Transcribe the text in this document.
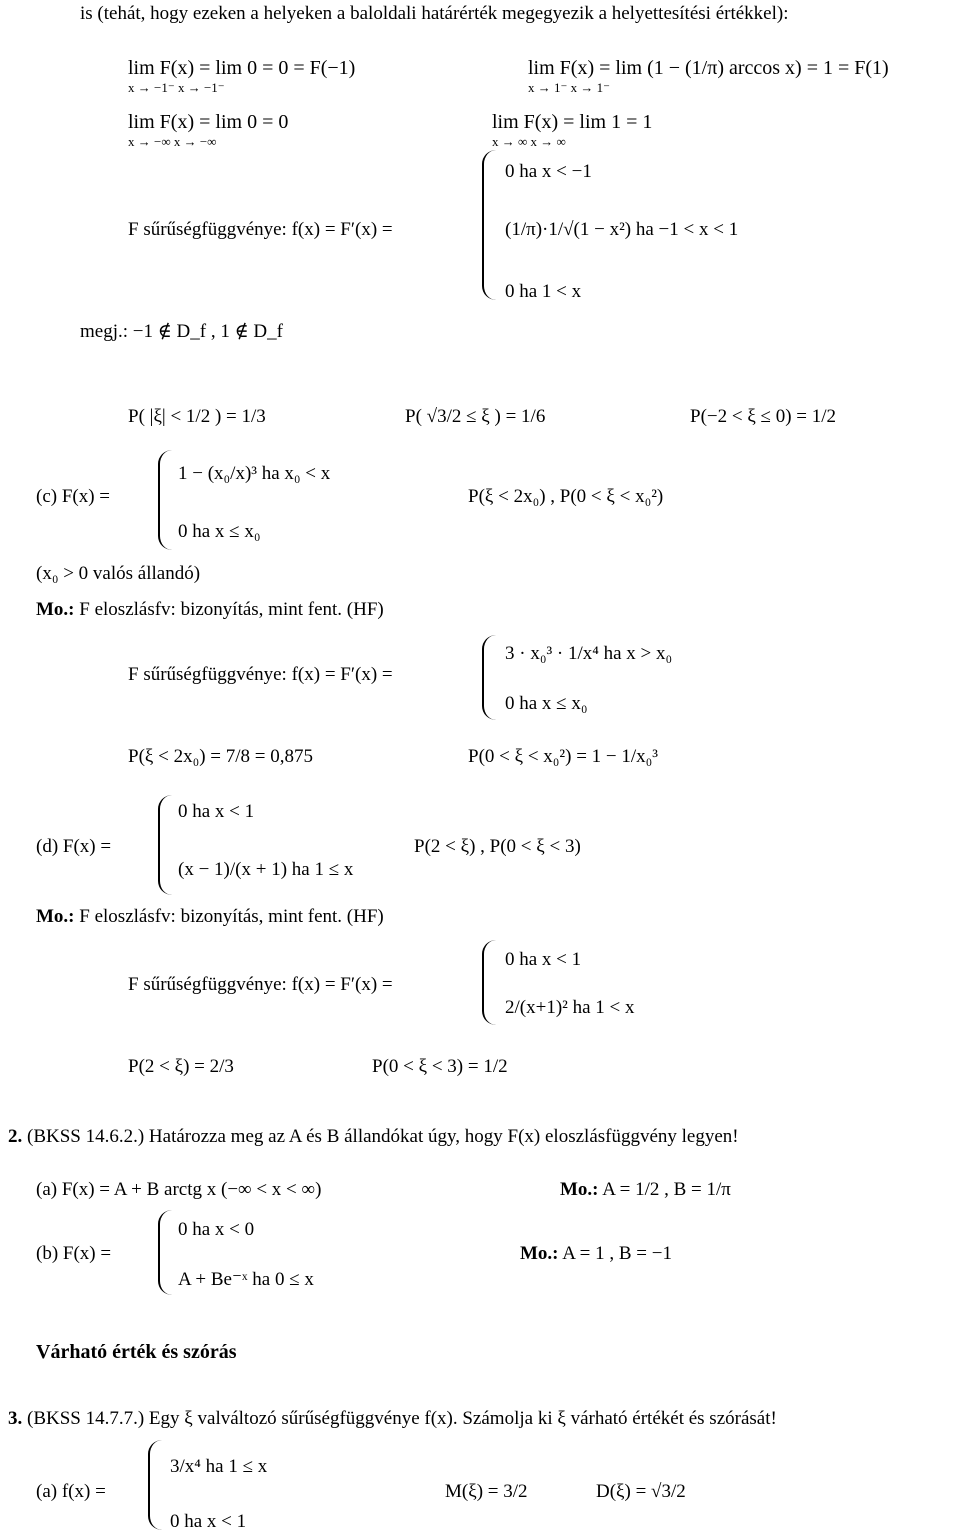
is (tehát, hogy ezeken a helyeken a baloldali határérték megegyezik a helyettesítési értékkel):
lim F(x) = lim 0 = 0 = F(−1)
x → −1⁻ x → −1⁻
lim F(x) = lim (1 − (1/π) arccos x) = 1 = F(1)
x → 1⁻ x → 1⁻
lim F(x) = lim 0 = 0
x → −∞ x → −∞
lim F(x) = lim 1 = 1
x → ∞ x → ∞
F sűrűségfüggvénye: f(x) = F′(x) =
0 ha x < −1
(1/π)·1/√(1 − x²) ha −1 < x < 1
0 ha 1 < x
megj.: −1 ∉ D_f , 1 ∉ D_f
P( |ξ| < 1/2 ) = 1/3	P( √3/2 ≤ ξ ) = 1/6	P(−2 < ξ ≤ 0) = 1/2
(c) F(x) =
1 − (x₀/x)³ ha x₀ < x
0 ha x ≤ x₀
P(ξ < 2x₀) , P(0 < ξ < x₀²)
(x₀ > 0 valós állandó)
Mo.: F eloszlásfv: bizonyítás, mint fent. (HF)
F sűrűségfüggvénye: f(x) = F′(x) =
3 · x₀³ · 1/x⁴ ha x > x₀
0 ha x ≤ x₀
P(ξ < 2x₀) = 7/8 = 0,875	P(0 < ξ < x₀²) = 1 − 1/x₀³
(d) F(x) =
0 ha x < 1
(x − 1)/(x + 1) ha 1 ≤ x
P(2 < ξ) , P(0 < ξ < 3)
Mo.: F eloszlásfv: bizonyítás, mint fent. (HF)
F sűrűségfüggvénye: f(x) = F′(x) =
0 ha x < 1
2/(x+1)² ha 1 < x
P(2 < ξ) = 2/3	P(0 < ξ < 3) = 1/2
2. (BKSS 14.6.2.) Határozza meg az A és B állandókat úgy, hogy F(x) eloszlásfüggvény legyen!
(a) F(x) = A + B arctg x (−∞ < x < ∞)	Mo.: A = 1/2 , B = 1/π
(b) F(x) =
0 ha x < 0
A + Be⁻ˣ ha 0 ≤ x
Mo.: A = 1 , B = −1
Várható érték és szórás
3. (BKSS 14.7.7.) Egy ξ valváltozó sűrűségfüggvénye f(x). Számolja ki ξ várható értékét és szórását!
(a) f(x) =
3/x⁴ ha 1 ≤ x
0 ha x < 1
M(ξ) = 3/2	D(ξ) = √3/2
